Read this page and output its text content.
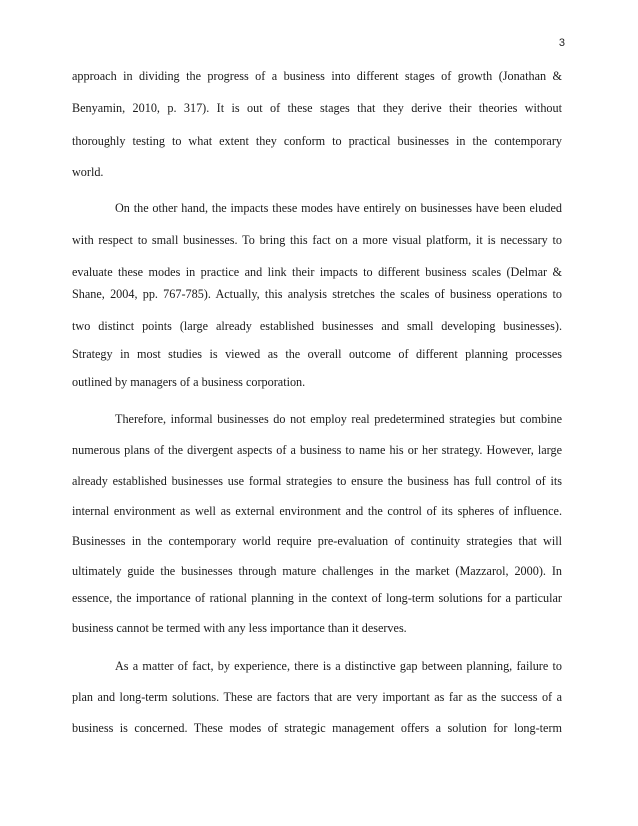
3
approach in dividing the progress of a business into different stages of growth (Jonathan &
Benyamin, 2010, p. 317). It is out of these stages that they derive their theories without
thoroughly testing to what extent they conform to practical businesses in the contemporary
world.
On the other hand, the impacts these modes have entirely on businesses have been eluded
with respect to small businesses. To bring this fact on a more visual platform, it is necessary to
evaluate these modes in practice and link their impacts to different business scales (Delmar &
Shane, 2004, pp. 767-785). Actually, this analysis stretches the scales of business operations to
two distinct points (large already established businesses and small developing businesses).
Strategy in most studies is viewed as the overall outcome of different planning processes
outlined by managers of a business corporation.
Therefore, informal businesses do not employ real predetermined strategies but combine
numerous plans of the divergent aspects of a business to name his or her strategy. However, large
already established businesses use formal strategies to ensure the business has full control of its
internal environment as well as external environment and the control of its spheres of influence.
Businesses in the contemporary world require pre-evaluation of continuity strategies that will
ultimately guide the businesses through mature challenges in the market (Mazzarol, 2000). In
essence, the importance of rational planning in the context of long-term solutions for a particular
business cannot be termed with any less importance than it deserves.
As a matter of fact, by experience, there is a distinctive gap between planning, failure to
plan and long-term solutions. These are factors that are very important as far as the success of a
business is concerned. These modes of strategic management offers a solution for long-term
